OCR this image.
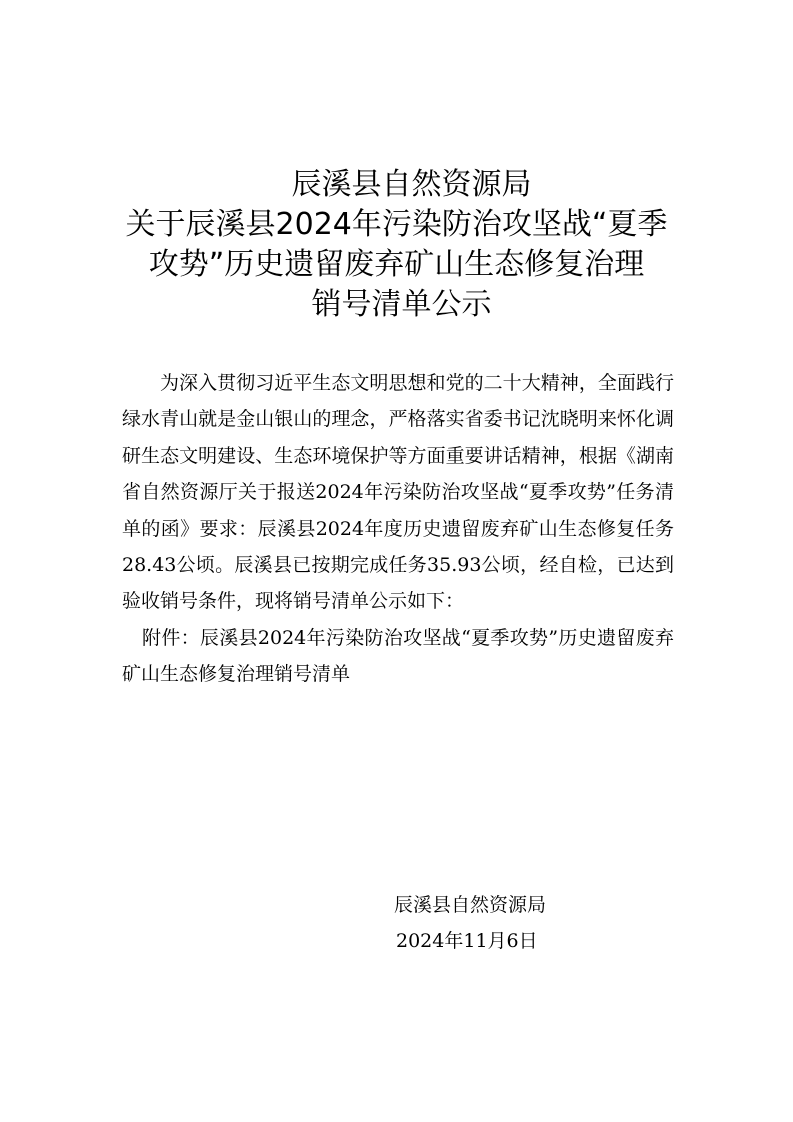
辰溪县自然资源局
关于辰溪县2024年污染防治攻坚战“夏季
攻势”历史遗留废弃矿山生态修复治理
销号清单公示

为深入贯彻习近平生态文明思想和党的二十大精神，全面践行绿水青山就是金山银山的理念，严格落实省委书记沈晓明来怀化调研生态文明建设、生态环境保护等方面重要讲话精神，根据《湖南省自然资源厅关于报送2024年污染防治攻坚战“夏季攻势”任务清单的函》要求：辰溪县2024年度历史遗留废弃矿山生态修复任务28.43公顷。辰溪县已按期完成任务35.93公顷，经自检，已达到验收销号条件，现将销号清单公示如下：

附件：辰溪县2024年污染防治攻坚战“夏季攻势”历史遗留废弃矿山生态修复治理销号清单

辰溪县自然资源局
2024年11月6日
